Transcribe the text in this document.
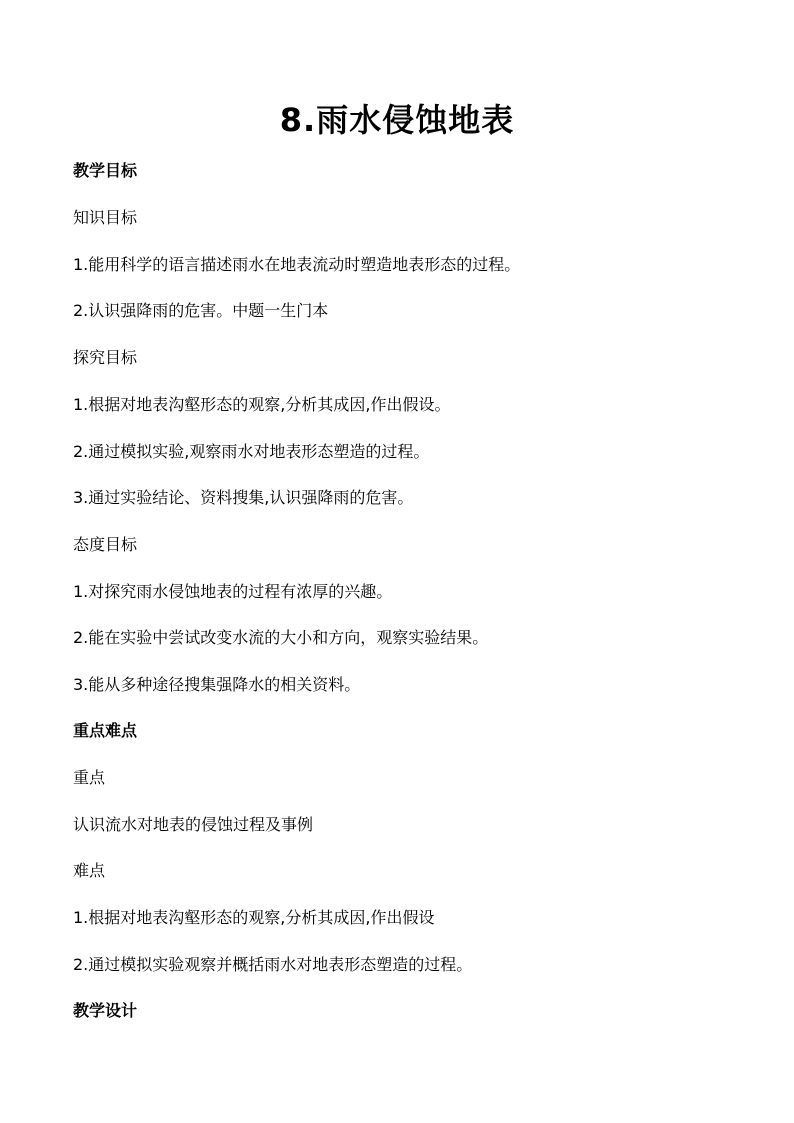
8.雨水侵蚀地表
教学目标
知识目标
1.能用科学的语言描述雨水在地表流动时塑造地表形态的过程。
2.认识强降雨的危害。中题一生门本
探究目标
1.根据对地表沟壑形态的观察,分析其成因,作出假设。
2.通过模拟实验,观察雨水对地表形态塑造的过程。
3.通过实验结论、资料搜集,认识强降雨的危害。
态度目标
1.对探究雨水侵蚀地表的过程有浓厚的兴趣。
2.能在实验中尝试改变水流的大小和方向，观察实验结果。
3.能从多种途径搜集强降水的相关资料。
重点难点
重点
认识流水对地表的侵蚀过程及事例
难点
1.根据对地表沟壑形态的观察,分析其成因,作出假设
2.通过模拟实验观察并概括雨水对地表形态塑造的过程。
教学设计
